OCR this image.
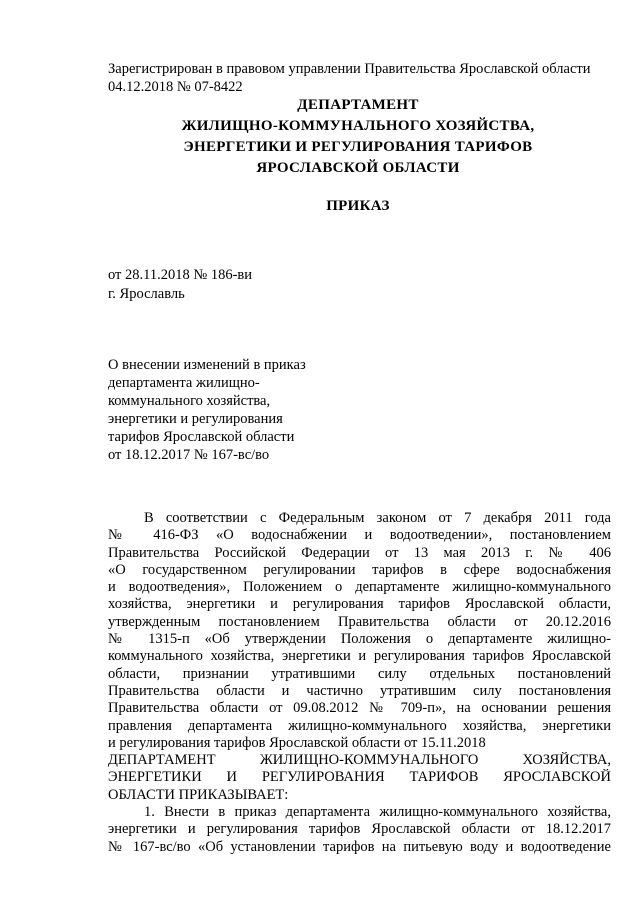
Зарегистрирован в правовом управлении Правительства Ярославской области
04.12.2018 № 07-8422
ДЕПАРТАМЕНТ
ЖИЛИЩНО-КОММУНАЛЬНОГО ХОЗЯЙСТВА,
ЭНЕРГЕТИКИ И РЕГУЛИРОВАНИЯ ТАРИФОВ
ЯРОСЛАВСКОЙ ОБЛАСТИ
ПРИКАЗ
от 28.11.2018 № 186-ви
г. Ярославль
О внесении изменений в приказ
департамента жилищно-
коммунального хозяйства,
энергетики и регулирования
тарифов Ярославской области
от 18.12.2017 № 167-вс/во
В соответствии с Федеральным законом от 7 декабря 2011 года
№ 416-ФЗ «О водоснабжении и водоотведении», постановлением
Правительства Российской Федерации от 13 мая 2013 г. № 406
«О государственном регулировании тарифов в сфере водоснабжения
и водоотведения», Положением о департаменте жилищно-коммунального
хозяйства, энергетики и регулирования тарифов Ярославской области,
утвержденным постановлением Правительства области от 20.12.2016
№ 1315-п «Об утверждении Положения о департаменте жилищно-
коммунального хозяйства, энергетики и регулирования тарифов Ярославской
области, признании утратившими силу отдельных постановлений
Правительства области и частично утратившим силу постановления
Правительства области от 09.08.2012 № 709-п», на основании решения
правления департамента жилищно-коммунального хозяйства, энергетики
и регулирования тарифов Ярославской области от 15.11.2018
ДЕПАРТАМЕНТ ЖИЛИЩНО-КОММУНАЛЬНОГО ХОЗЯЙСТВА,
ЭНЕРГЕТИКИ И РЕГУЛИРОВАНИЯ ТАРИФОВ ЯРОСЛАВСКОЙ
ОБЛАСТИ ПРИКАЗЫВАЕТ:
1. Внести в приказ департамента жилищно-коммунального хозяйства,
энергетики и регулирования тарифов Ярославской области от 18.12.2017
№ 167-вс/во «Об установлении тарифов на питьевую воду и водоотведение
